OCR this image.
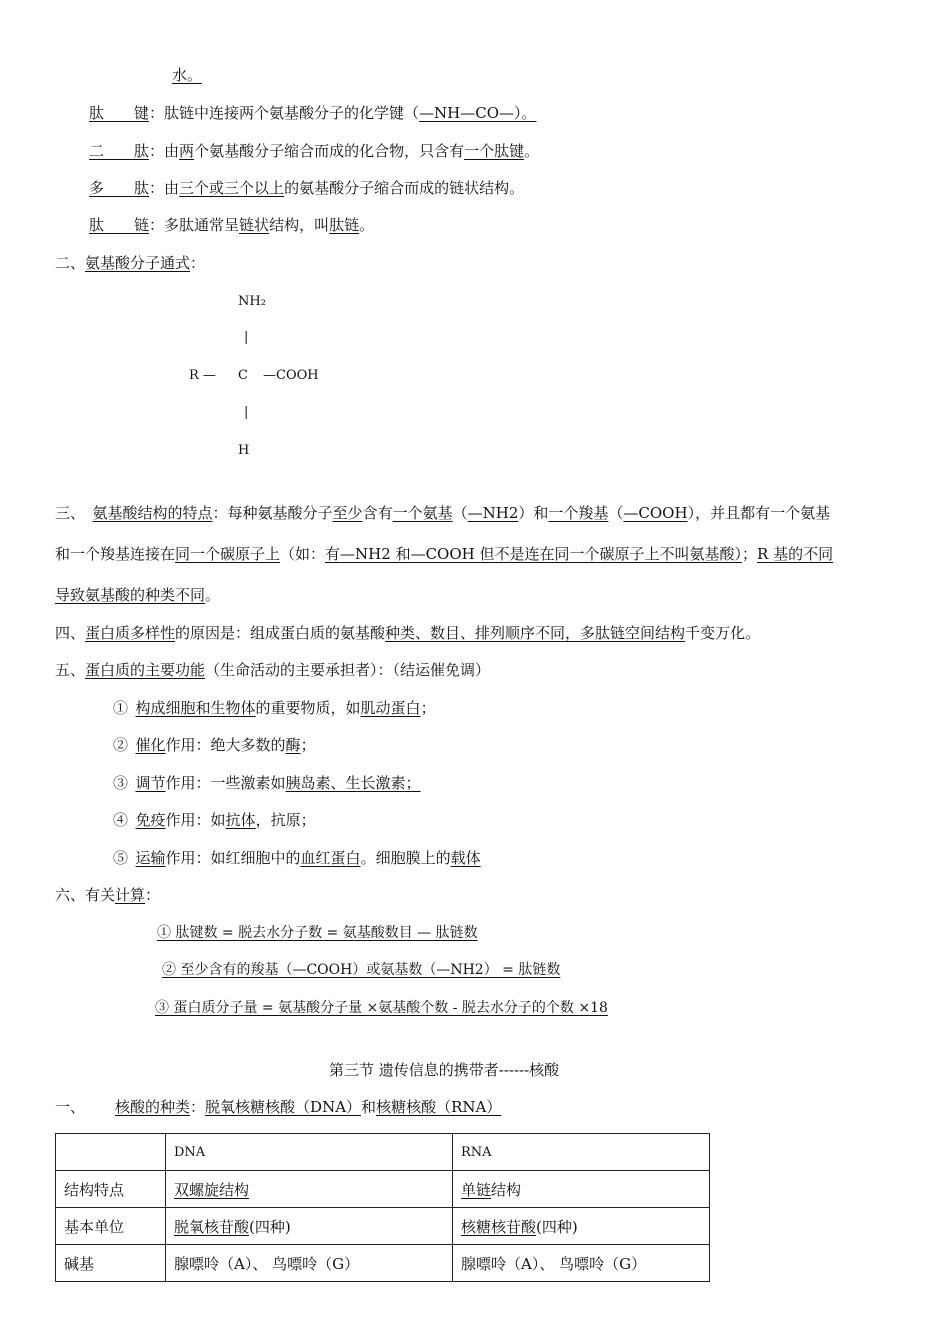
水。
肽   键：肽链中连接两个氨基酸分子的化学键（—NH—CO—）。
二   肽：由两个氨基酸分子缩合而成的化合物，只含有一个肽键。
多   肽：由三个或三个以上的氨基酸分子缩合而成的链状结构。
肽   链：多肽通常呈链状结构，叫肽链。
二、氨基酸分子通式：
NH₂
|
R — C —COOH
|
H
三、  氨基酸结构的特点：每种氨基酸分子至少含有一个氨基（—NH2）和一个羧基（—COOH），并且都有一个氨基
和一个羧基连接在同一个碳原子上（如：有—NH2 和—COOH 但不是连在同一个碳原子上不叫氨基酸）；R 基的不同
导致氨基酸的种类不同。
四、蛋白质多样性的原因是：组成蛋白质的氨基酸种类、数目、排列顺序不同，多肽链空间结构千变万化。
五、蛋白质的主要功能（生命活动的主要承担者）：（结运催免调）
①  构成细胞和生物体的重要物质，如肌动蛋白；
②  催化作用：绝大多数的酶；
③  调节作用：一些激素如胰岛素、生长激素；
④  免疫作用：如抗体，抗原；
⑤  运输作用：如红细胞中的血红蛋白。细胞膜上的载体
六、有关计算：
① 肽键数 = 脱去水分子数 = 氨基酸数目 — 肽链数
② 至少含有的羧基（—COOH）或氨基数（—NH2） = 肽链数
③ 蛋白质分子量 = 氨基酸分子量 ×氨基酸个数 - 脱去水分子的个数 ×18
第三节 遗传信息的携带者------核酸
一、   核酸的种类：脱氧核糖核酸（DNA）和核糖核酸（RNA）
	DNA	RNA
结构特点	双螺旋结构	单链结构
基本单位	脱氧核苷酸(四种)	核糖核苷酸(四种)
碱基	腺嘌呤（A）、 鸟嘌呤（G）	腺嘌呤（A）、 鸟嘌呤（G）
